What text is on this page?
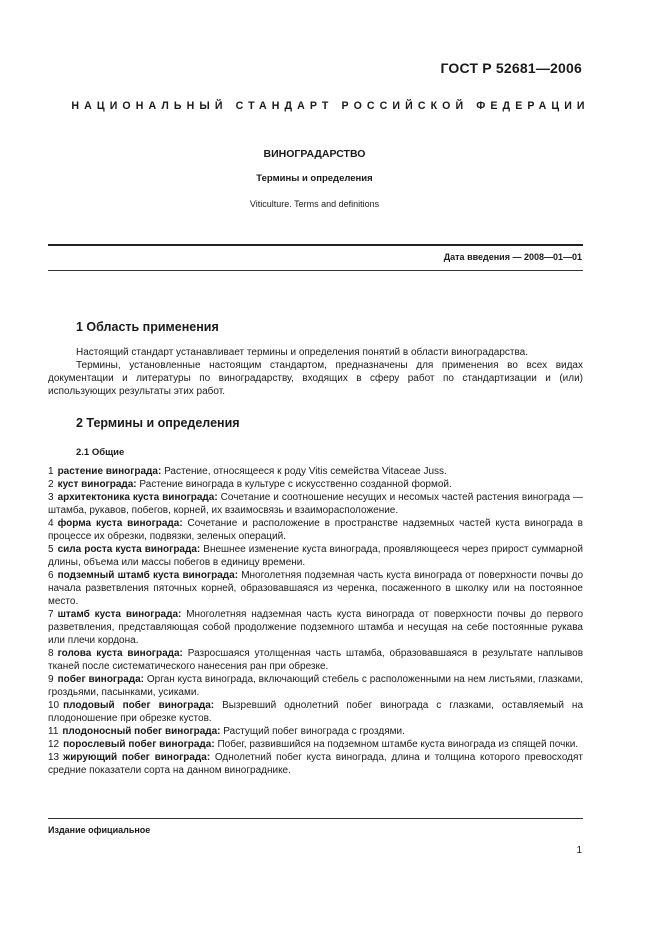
ГОСТ Р 52681—2006
НАЦИОНАЛЬНЫЙ СТАНДАРТ РОССИЙСКОЙ ФЕДЕРАЦИИ
ВИНОГРАДАРСТВО
Термины и определения
Viticulture. Terms and definitions
Дата введения — 2008—01—01
1 Область применения

Настоящий стандарт устанавливает термины и определения понятий в области виноградарства.

Термины, установленные настоящим стандартом, предназначены для применения во всех видах документации и литературы по виноградарству, входящих в сферу работ по стандартизации и (или) использующих результаты этих работ.

2 Термины и определения
2.1 Общие

1 растение винограда: Растение, относящееся к роду Vitis семейства Vitaceae Juss.

2 куст винограда: Растение винограда в культуре с искусственно созданной формой.

3 архитектоника куста винограда: Сочетание и соотношение несущих и несомых частей растения винограда — штамба, рукавов, побегов, корней, их взаимосвязь и взаиморасположение.

4 форма куста винограда: Сочетание и расположение в пространстве надземных частей куста винограда в процессе их обрезки, подвязки, зеленых операций.

5 сила роста куста винограда: Внешнее изменение куста винограда, проявляющееся через прирост суммарной длины, объема или массы побегов в единицу времени.

6 подземный штамб куста винограда: Многолетняя подземная часть куста винограда от поверхности почвы до начала разветвления пяточных корней, образовавшаяся из черенка, посаженного в школку или на постоянное место.

7 штамб куста винограда: Многолетняя надземная часть куста винограда от поверхности почвы до первого разветвления, представляющая собой продолжение подземного штамба и несущая на себе постоянные рукава или плечи кордона.

8 голова куста винограда: Разросшаяся утолщенная часть штамба, образовавшаяся в результате наплывов тканей после систематического нанесения ран при обрезке.

9 побег винограда: Орган куста винограда, включающий стебель с расположенными на нем листьями, глазками, гроздьями, пасынками, усиками.

10 плодовый побег винограда: Вызревший однолетний побег винограда с глазками, оставляемый на плодоношение при обрезке кустов.

11 плодоносный побег винограда: Растущий побег винограда с гроздями.

12 порослевый побег винограда: Побег, развившийся на подземном штамбе куста винограда из спящей почки.

13 жирующий побег винограда: Однолетний побег куста винограда, длина и толщина которого превосходят средние показатели сорта на данном винограднике.

Издание официальное
1
